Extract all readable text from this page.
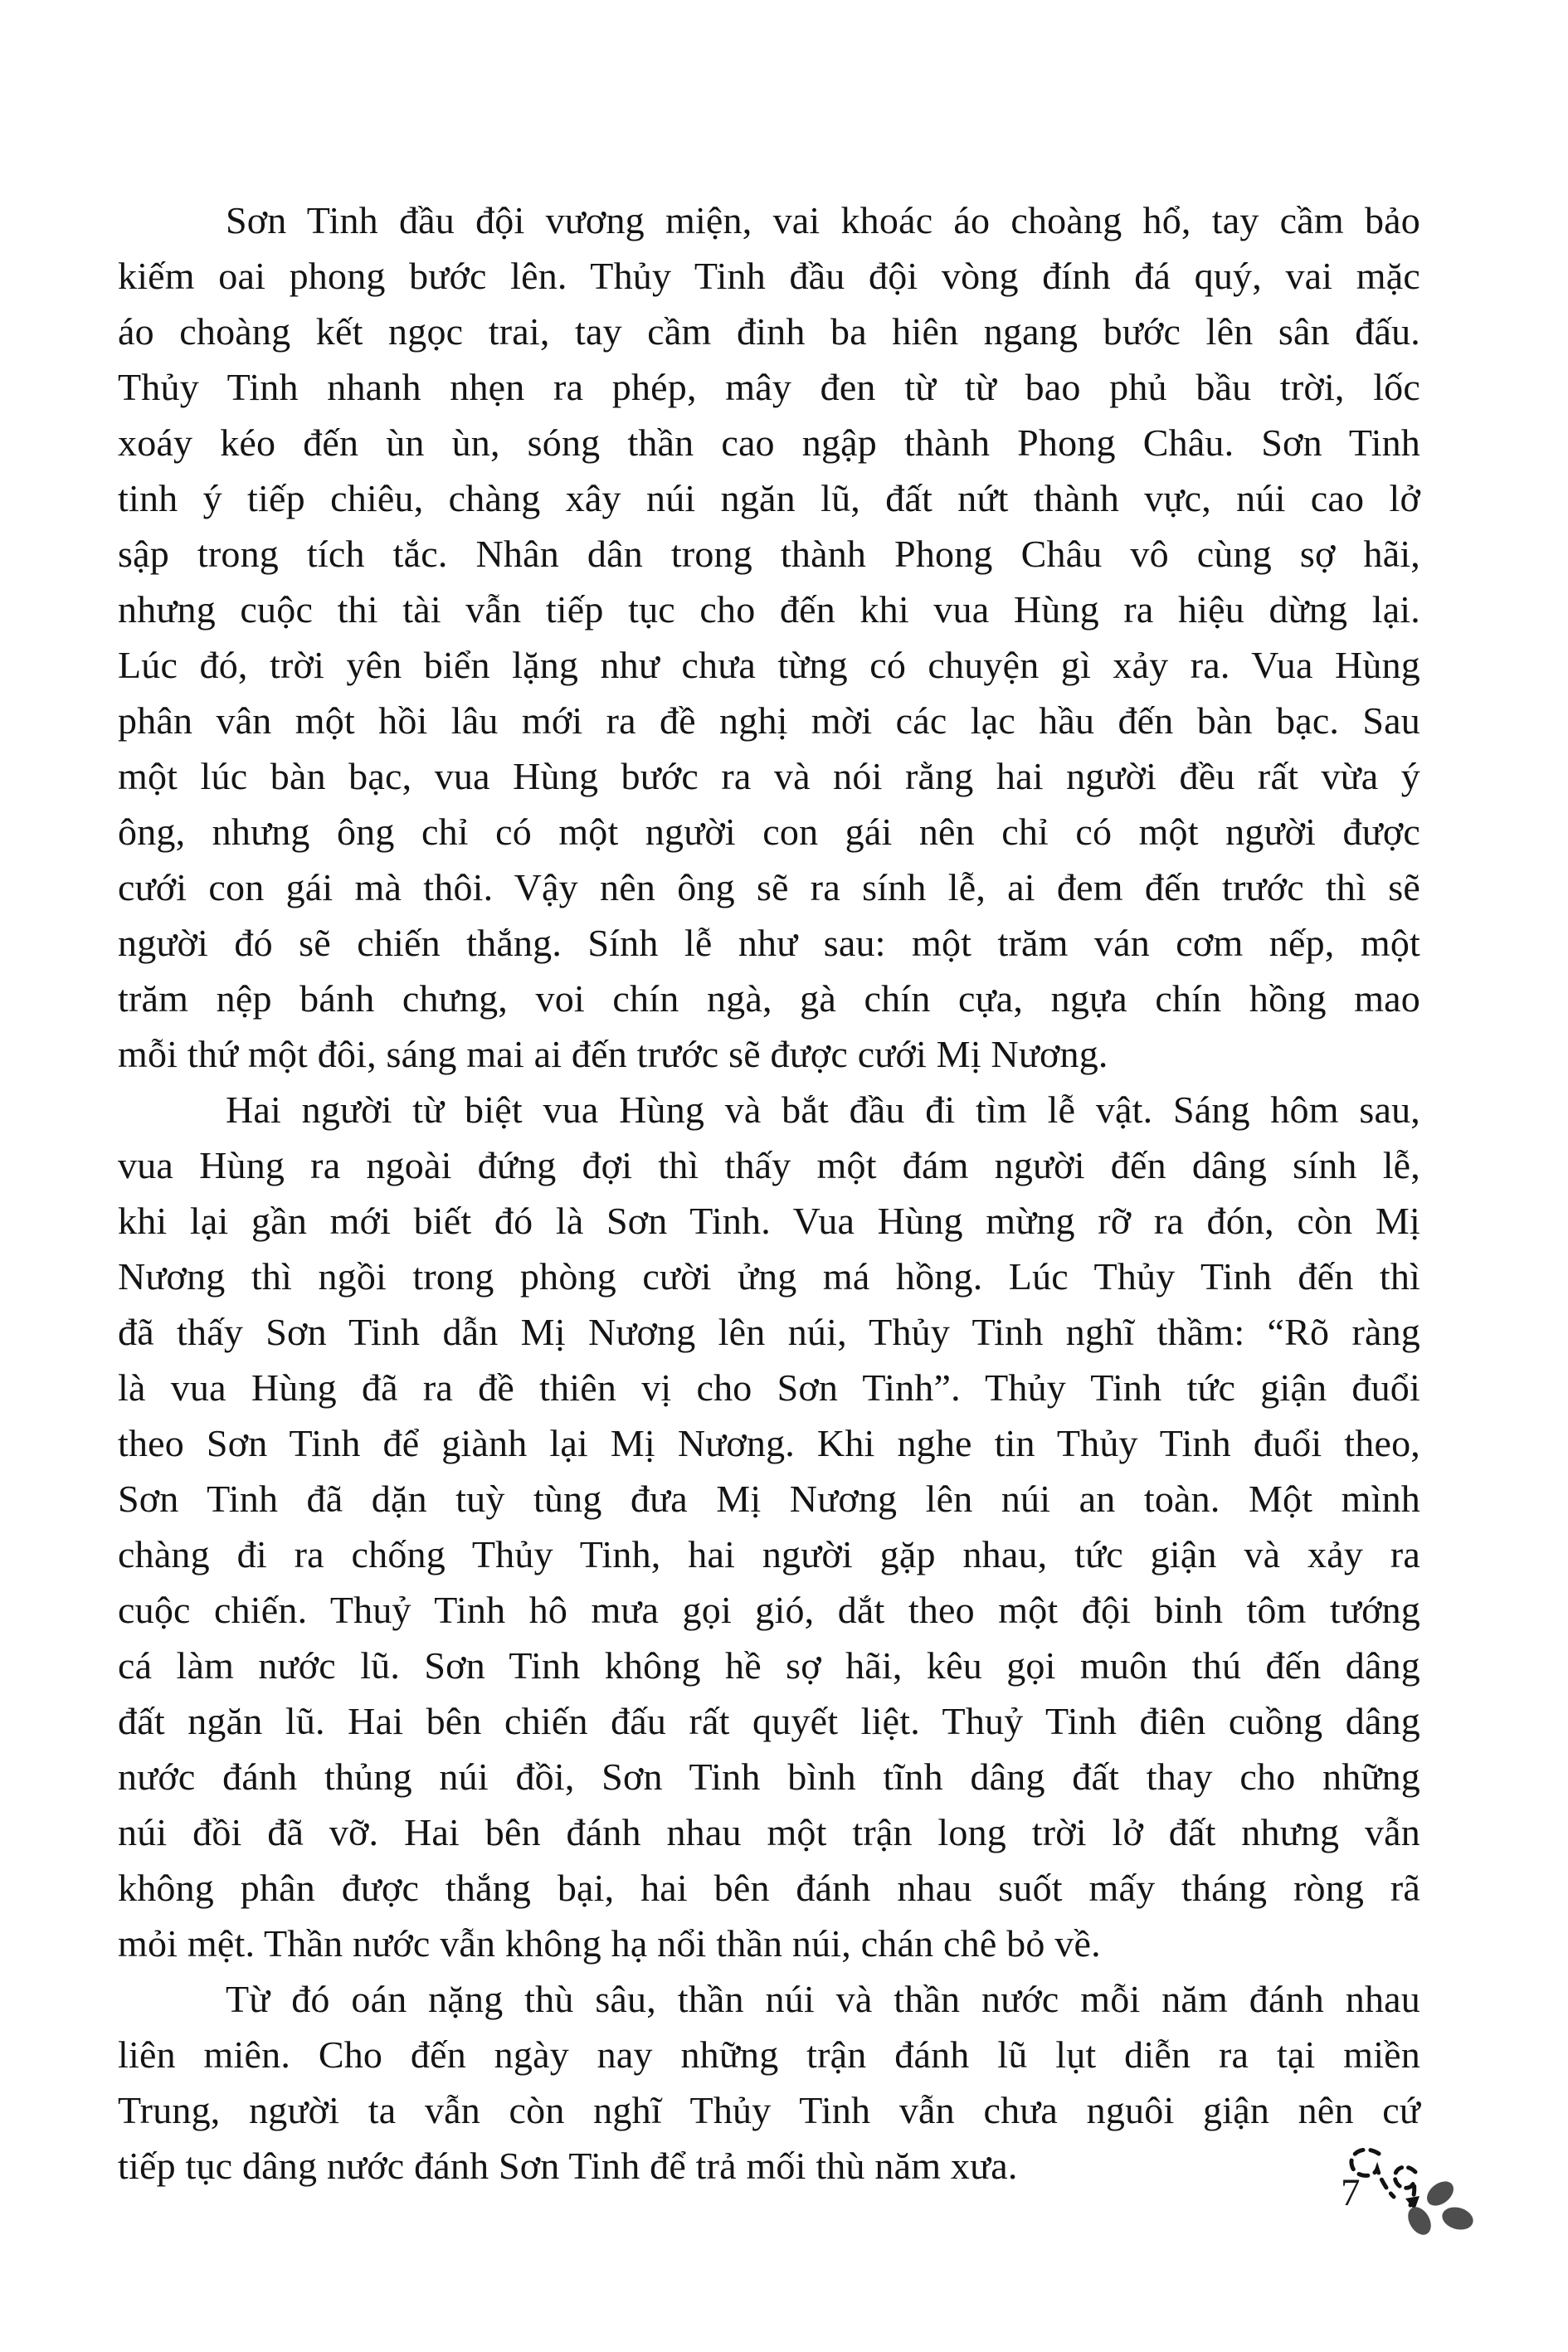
Sơn Tinh đầu đội vương miện, vai khoác áo choàng hổ, tay cầm bảo
kiếm oai phong bước lên. Thủy Tinh đầu đội vòng đính đá quý, vai mặc
áo choàng kết ngọc trai, tay cầm đinh ba hiên ngang bước lên sân đấu.
Thủy Tinh nhanh nhẹn ra phép, mây đen từ từ bao phủ bầu trời, lốc
xoáy kéo đến ùn ùn, sóng thần cao ngập thành Phong Châu. Sơn Tinh
tinh ý tiếp chiêu, chàng xây núi ngăn lũ, đất nứt thành vực, núi cao lở
sập trong tích tắc. Nhân dân trong thành Phong Châu vô cùng sợ hãi,
nhưng cuộc thi tài vẫn tiếp tục cho đến khi vua Hùng ra hiệu dừng lại.
Lúc đó, trời yên biển lặng như chưa từng có chuyện gì xảy ra. Vua Hùng
phân vân một hồi lâu mới ra đề nghị mời các lạc hầu đến bàn bạc. Sau
một lúc bàn bạc, vua Hùng bước ra và nói rằng hai người đều rất vừa ý
ông, nhưng ông chỉ có một người con gái nên chỉ có một người được
cưới con gái mà thôi. Vậy nên ông sẽ ra sính lễ, ai đem đến trước thì sẽ
người đó sẽ chiến thắng. Sính lễ như sau: một trăm ván cơm nếp, một
trăm nệp bánh chưng, voi chín ngà, gà chín cựa, ngựa chín hồng mao
mỗi thứ một đôi, sáng mai ai đến trước sẽ được cưới Mị Nương.
Hai người từ biệt vua Hùng và bắt đầu đi tìm lễ vật. Sáng hôm sau,
vua Hùng ra ngoài đứng đợi thì thấy một đám người đến dâng sính lễ,
khi lại gần mới biết đó là Sơn Tinh. Vua Hùng mừng rỡ ra đón, còn Mị
Nương thì ngồi trong phòng cười ửng má hồng. Lúc Thủy Tinh đến thì
đã thấy Sơn Tinh dẫn Mị Nương lên núi, Thủy Tinh nghĩ thầm: “Rõ ràng
là vua Hùng đã ra đề thiên vị cho Sơn Tinh”. Thủy Tinh tức giận đuổi
theo Sơn Tinh để giành lại Mị Nương. Khi nghe tin Thủy Tinh đuổi theo,
Sơn Tinh đã dặn tuỳ tùng đưa Mị Nương lên núi an toàn. Một mình
chàng đi ra chống Thủy Tinh, hai người gặp nhau, tức giận và xảy ra
cuộc chiến. Thuỷ Tinh hô mưa gọi gió, dắt theo một đội binh tôm tướng
cá làm nước lũ. Sơn Tinh không hề sợ hãi, kêu gọi muôn thú đến dâng
đất ngăn lũ. Hai bên chiến đấu rất quyết liệt. Thuỷ Tinh điên cuồng dâng
nước đánh thủng núi đồi, Sơn Tinh bình tĩnh dâng đất thay cho những
núi đồi đã vỡ. Hai bên đánh nhau một trận long trời lở đất nhưng vẫn
không phân được thắng bại, hai bên đánh nhau suốt mấy tháng ròng rã
mỏi mệt. Thần nước vẫn không hạ nổi thần núi, chán chê bỏ về.
Từ đó oán nặng thù sâu, thần núi và thần nước mỗi năm đánh nhau
liên miên. Cho đến ngày nay những trận đánh lũ lụt diễn ra tại miền
Trung, người ta vẫn còn nghĩ Thủy Tinh vẫn chưa nguôi giận nên cứ
tiếp tục dâng nước đánh Sơn Tinh để trả mối thù năm xưa.
7
